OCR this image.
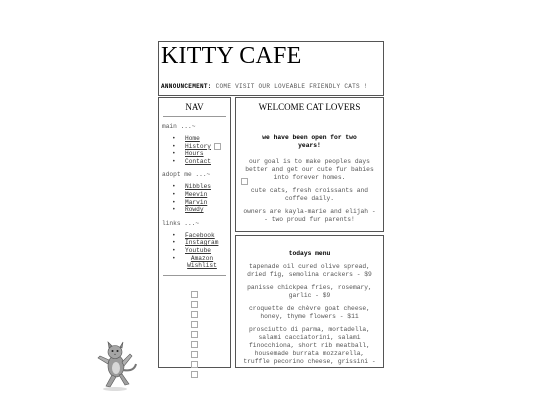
KITTY CAFE
ANNOUNCEMENT: COME VISIT OUR LOVEABLE FRIENDLY CATS !
NAV
main ...~
• Home
• History
• Hours
• Contact
adopt me ...~
• Nibbles
• Meevin
• Marvin
• Rowdy
links ...~
• Facebook
• Instagram
• Youtube
• Amazon Wishlist
WELCOME CAT LOVERS
we have been open for two years!
our goal is to make peoples days better and get our cute fur babies into forever homes.
cute cats, fresh croissants and coffee daily.
owners are kayla-marie and elijah -- two proud fur parents!
todays menu
tapenade oil cured olive spread, dried fig, semolina crackers - $9
panisse chickpea fries, rosemary, garlic - $9
croquette de chèvre goat cheese, honey, thyme flowers - $11
prosciutto di parma, mortadella, salami cacciatorini, salami finocchiona, short rib meatball, housemade burrata mozzarella, truffle pecorino cheese, grissini -
